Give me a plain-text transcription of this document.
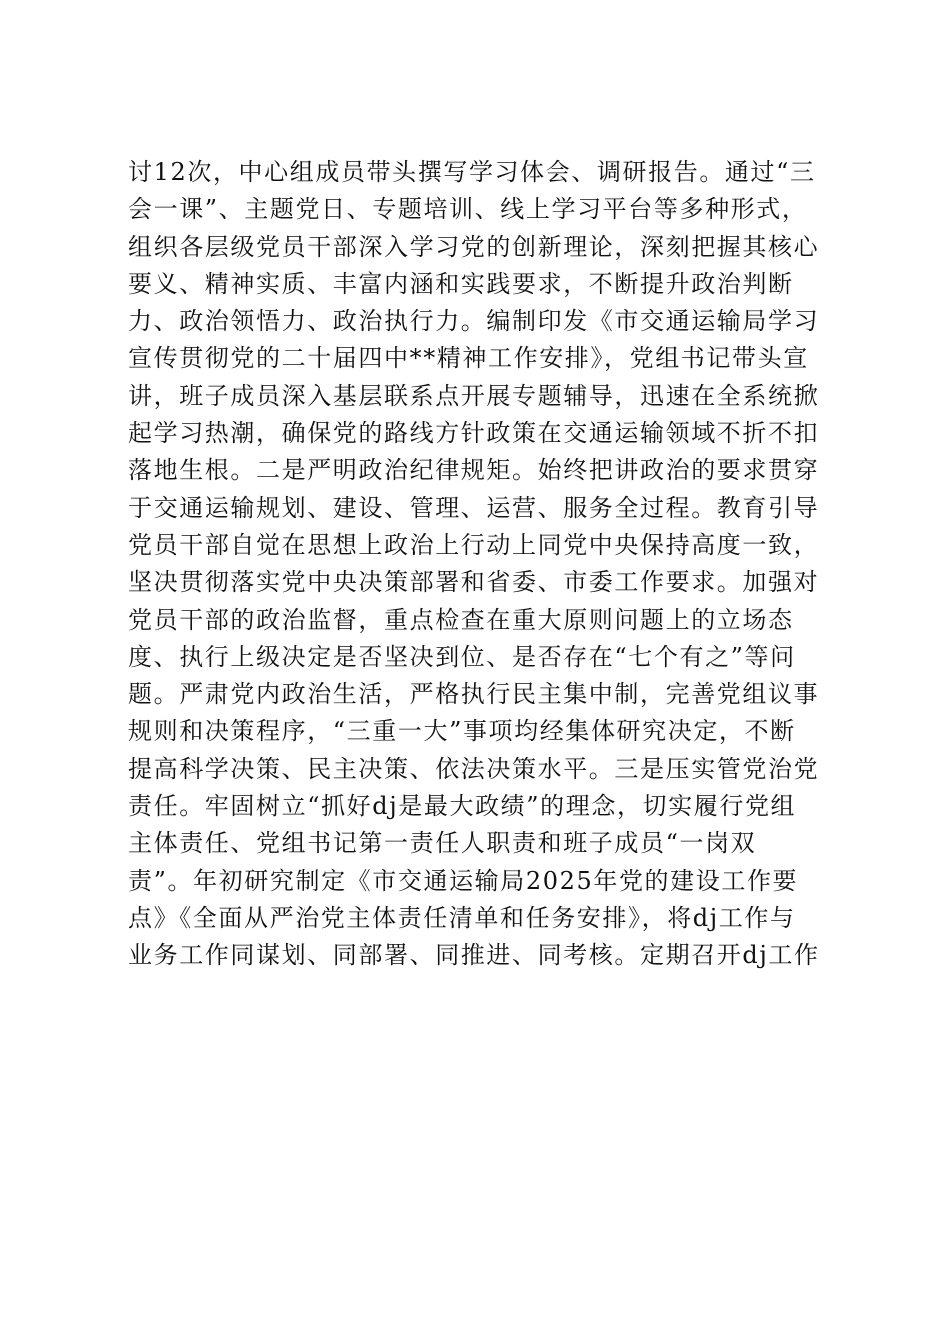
讨12次，中心组成员带头撰写学习体会、调研报告。通过“三
会一课”、主题党日、专题培训、线上学习平台等多种形式，
组织各层级党员干部深入学习党的创新理论，深刻把握其核心
要义、精神实质、丰富内涵和实践要求，不断提升政治判断
力、政治领悟力、政治执行力。编制印发《市交通运输局学习
宣传贯彻党的二十届四中**精神工作安排》，党组书记带头宣
讲，班子成员深入基层联系点开展专题辅导，迅速在全系统掀
起学习热潮，确保党的路线方针政策在交通运输领域不折不扣
落地生根。二是严明政治纪律规矩。始终把讲政治的要求贯穿
于交通运输规划、建设、管理、运营、服务全过程。教育引导
党员干部自觉在思想上政治上行动上同党中央保持高度一致，
坚决贯彻落实党中央决策部署和省委、市委工作要求。加强对
党员干部的政治监督，重点检查在重大原则问题上的立场态
度、执行上级决定是否坚决到位、是否存在“七个有之”等问
题。严肃党内政治生活，严格执行民主集中制，完善党组议事
规则和决策程序，“三重一大”事项均经集体研究决定，不断
提高科学决策、民主决策、依法决策水平。三是压实管党治党
责任。牢固树立“抓好dj是最大政绩”的理念，切实履行党组
主体责任、党组书记第一责任人职责和班子成员“一岗双
责”。年初研究制定《市交通运输局2025年党的建设工作要
点》《全面从严治党主体责任清单和任务安排》，将dj工作与
业务工作同谋划、同部署、同推进、同考核。定期召开dj工作
